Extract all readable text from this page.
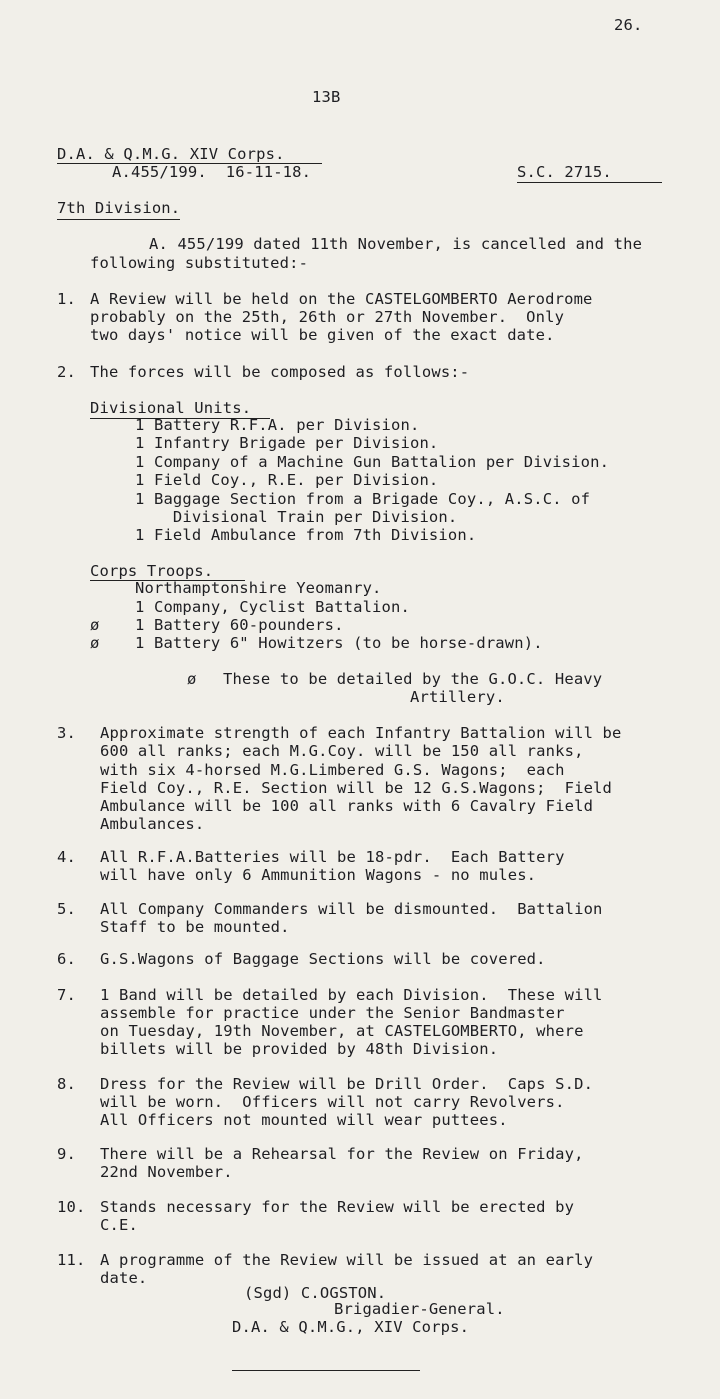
26.
13B
D.A. & Q.M.G. XIV Corps.
A.455/199.  16-11-18.	S.C. 2715.
7th Division.
A. 455/199 dated 11th November, is cancelled and the
following substituted:-
1. A Review will be held on the CASTELGOMBERTO Aerodrome
probably on the 25th, 26th or 27th November.  Only
two days' notice will be given of the exact date.
2. The forces will be composed as follows:-
Divisional Units.
1 Battery R.F.A. per Division.
1 Infantry Brigade per Division.
1 Company of a Machine Gun Battalion per Division.
1 Field Coy., R.E. per Division.
1 Baggage Section from a Brigade Coy., A.S.C. of
Divisional Train per Division.
1 Field Ambulance from 7th Division.
Corps Troops.
Northamptonshire Yeomanry.
1 Company, Cyclist Battalion.
ø 1 Battery 60-pounders.
ø 1 Battery 6" Howitzers (to be horse-drawn).
ø These to be detailed by the G.O.C. Heavy
Artillery.
3. Approximate strength of each Infantry Battalion will be
600 all ranks; each M.G.Coy. will be 150 all ranks,
with six 4-horsed M.G.Limbered G.S. Wagons;  each
Field Coy., R.E. Section will be 12 G.S.Wagons;  Field
Ambulance will be 100 all ranks with 6 Cavalry Field
Ambulances.
4. All R.F.A.Batteries will be 18-pdr.  Each Battery
will have only 6 Ammunition Wagons - no mules.
5. All Company Commanders will be dismounted.  Battalion
Staff to be mounted.
6. G.S.Wagons of Baggage Sections will be covered.
7. 1 Band will be detailed by each Division.  These will
assemble for practice under the Senior Bandmaster
on Tuesday, 19th November, at CASTELGOMBERTO, where
billets will be provided by 48th Division.
8. Dress for the Review will be Drill Order.  Caps S.D.
will be worn.  Officers will not carry Revolvers.
All Officers not mounted will wear puttees.
9. There will be a Rehearsal for the Review on Friday,
22nd November.
10. Stands necessary for the Review will be erected by
C.E.
11. A programme of the Review will be issued at an early
date.
(Sgd) C.OGSTON.
Brigadier-General.
D.A. & Q.M.G., XIV Corps.
